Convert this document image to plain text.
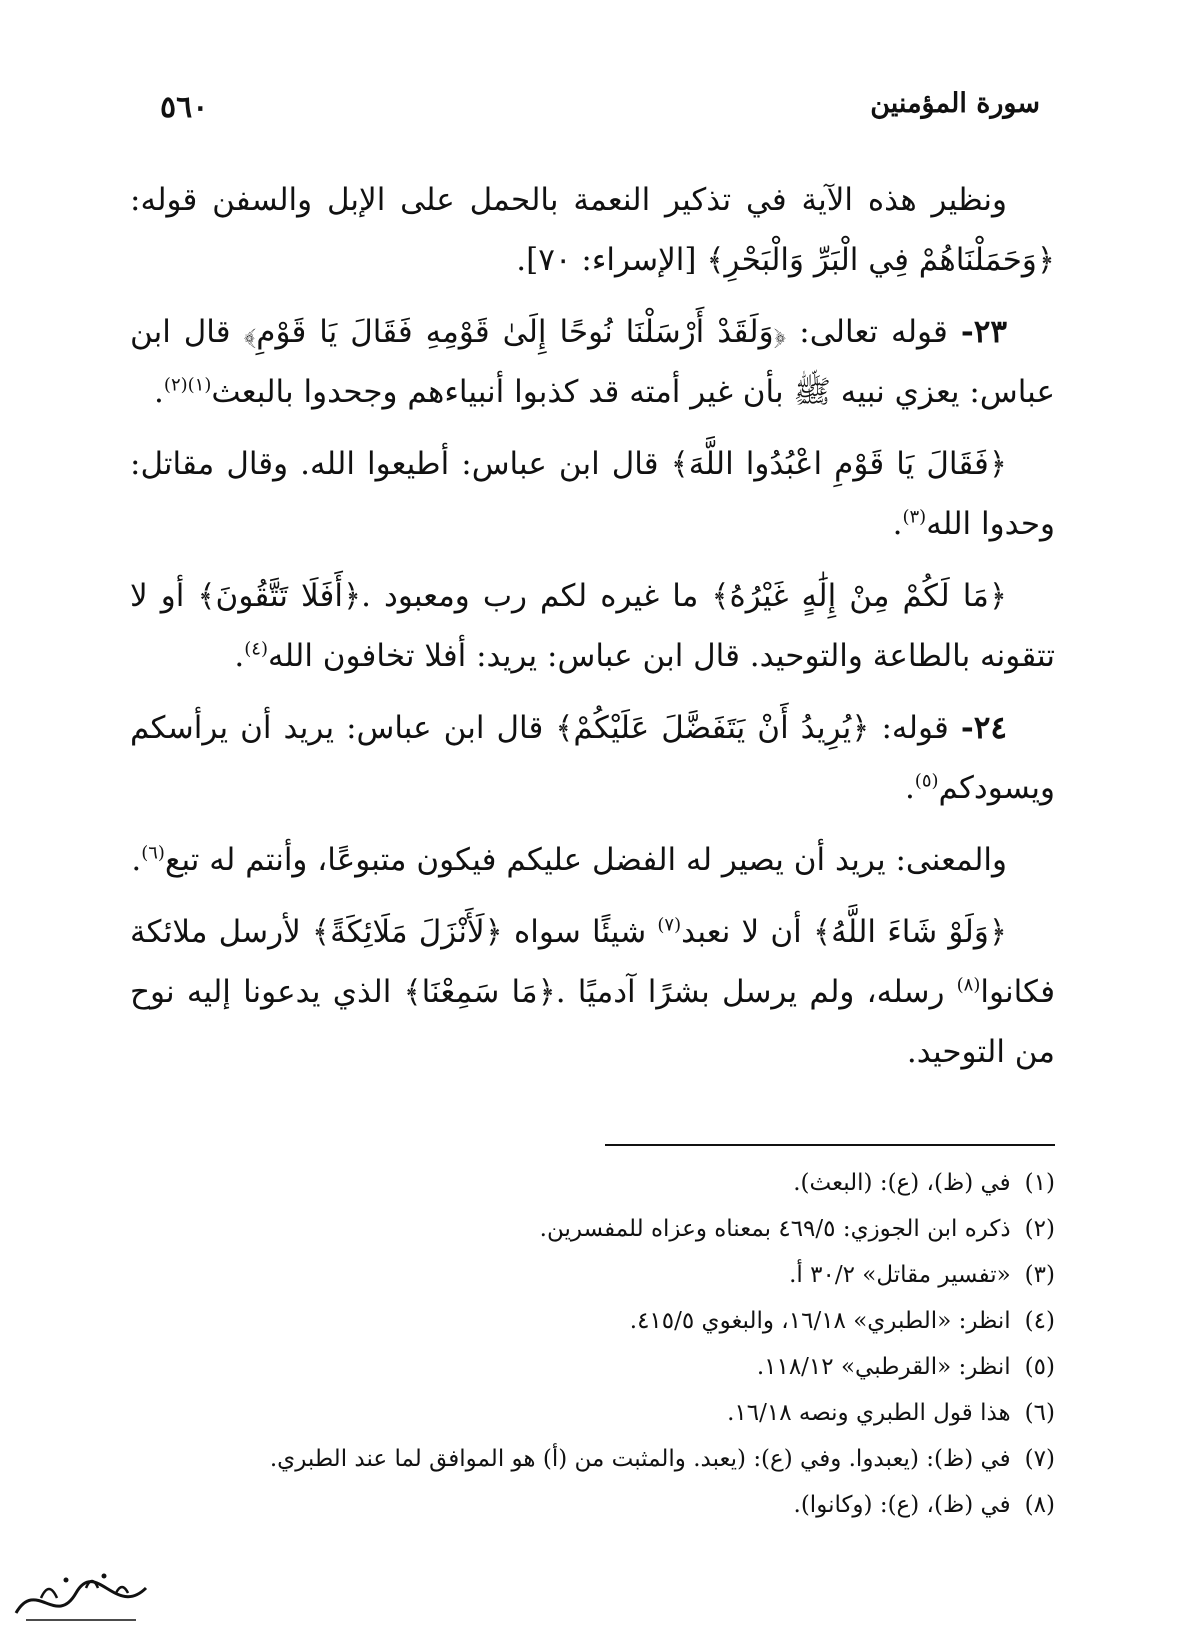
سورة المؤمنين
٥٦٠

ونظير هذه الآية في تذكير النعمة بالحمل على الإبل والسفن قوله: ﴿وَحَمَلْنَاهُمْ فِي الْبَرِّ وَالْبَحْرِ﴾ [الإسراء: ٧٠].

٢٣- قوله تعالى: ﴿وَلَقَدْ أَرْسَلْنَا نُوحًا إِلَىٰ قَوْمِهِ فَقَالَ يَا قَوْمِ﴾ قال ابن عباس: يعزي نبيه ﷺ بأن غير أمته قد كذبوا أنبياءهم وجحدوا بالبعث$^{(١)(٢)}$.

﴿فَقَالَ يَا قَوْمِ اعْبُدُوا اللَّهَ﴾ قال ابن عباس: أطيعوا الله. وقال مقاتل: وحدوا الله$^{(٣)}$.

﴿مَا لَكُمْ مِنْ إِلَٰهٍ غَيْرُهُ﴾ ما غيره لكم رب ومعبود .﴿أَفَلَا تَتَّقُونَ﴾ أو لا تتقونه بالطاعة والتوحيد. قال ابن عباس: يريد: أفلا تخافون الله$^{(٤)}$.

٢٤- قوله: ﴿يُرِيدُ أَنْ يَتَفَضَّلَ عَلَيْكُمْ﴾ قال ابن عباس: يريد أن يرأسكم ويسودكم$^{(٥)}$.

والمعنى: يريد أن يصير له الفضل عليكم فيكون متبوعًا، وأنتم له تبع$^{(٦)}$.

﴿وَلَوْ شَاءَ اللَّهُ﴾ أن لا نعبد$^{(٧)}$ شيئًا سواه ﴿لَأَنْزَلَ مَلَائِكَةً﴾ لأرسل ملائكة فكانوا$^{(٨)}$ رسله، ولم يرسل بشرًا آدميًا .﴿مَا سَمِعْنَا﴾ الذي يدعونا إليه نوح من التوحيد.

(١)في (ظ)، (ع): (البعث).
(٢)ذكره ابن الجوزي: ٤٦٩/٥ بمعناه وعزاه للمفسرين.
(٣)«تفسير مقاتل» ٣٠/٢ أ.
(٤)انظر: «الطبري» ١٦/١٨، والبغوي ٤١٥/٥.
(٥)انظر: «القرطبي» ١١٨/١٢.
(٦)هذا قول الطبري ونصه ١٦/١٨.
(٧)في (ظ): (يعبدوا. وفي (ع): (يعبد. والمثبت من (أ) هو الموافق لما عند الطبري.
(٨)في (ظ)، (ع): (وكانوا).
